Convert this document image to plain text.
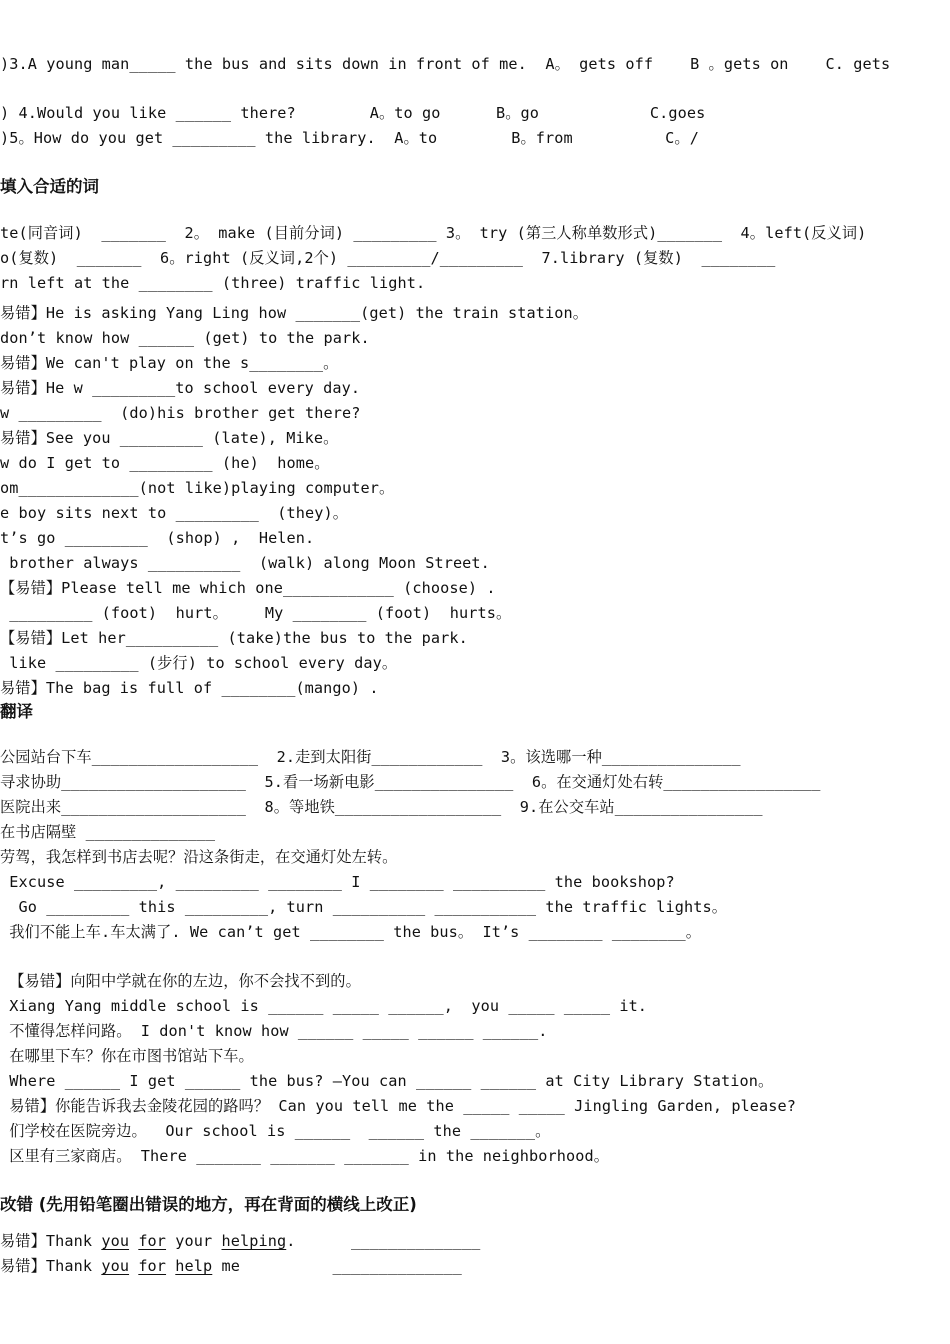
)3.A young man_____ the bus and sits down in front of me.  A。 gets off    B 。gets on    C. gets
) 4.Would you like ______ there?        A。to go      B。go            C.goes
)5。How do you get _________ the library.  A。to        B。from          C。/
填入合适的词
te(同音词)  _______  2。 make (目前分词) _________ 3。 try (第三人称单数形式)_______  4。left(反义词)
o(复数)  _______  6。right (反义词,2个) _________/_________  7.library (复数)  ________
rn left at the ________ (three) traffic light.
易错】He is asking Yang Ling how _______(get) the train station。
don’t know how ______ (get) to the park.
易错】We can't play on the s________。
易错】He w _________to school every day.
w _________  (do)his brother get there?
易错】See you _________ (late), Mike。
w do I get to _________ (he)  home。
om_____________(not like)playing computer。
e boy sits next to _________  (they)。
t’s go _________  (shop) ,  Helen.
brother always __________  (walk) along Moon Street.
【易错】Please tell me which one____________ (choose) .
_________ (foot)  hurt。    My ________ (foot)  hurts。
【易错】Let her__________ (take)the bus to the park.
like _________ (步行) to school every day。
易错】The bag is full of ________(mango) .
翻译
公园站台下车__________________  2.走到太阳街____________  3。该选哪一种_______________
寻求协助____________________  5.看一场新电影_______________  6。在交通灯处右转_________________
医院出来____________________  8。等地铁__________________  9.在公交车站________________
在书店隔壁 ______________
劳驾，我怎样到书店去呢？沿这条街走，在交通灯处左转。
Excuse _________, _________ ________ I ________ __________ the bookshop?
Go _________ this _________, turn __________ ___________ the traffic lights。
我们不能上车.车太满了. We can’t get ________ the bus。 It’s ________ ________。
【易错】向阳中学就在你的左边，你不会找不到的。
Xiang Yang middle school is ______ _____ ______,  you _____ _____ it.
不懂得怎样问路。 I don't know how ______ _____ ______ ______.
在哪里下车？你在市图书馆站下车。
Where ______ I get ______ the bus? —You can ______ ______ at City Library Station。
易错】你能告诉我去金陵花园的路吗？ Can you tell me the _____ _____ Jingling Garden, please?
们学校在医院旁边。  Our school is ______  ______ the _______。
区里有三家商店。 There _______ _______ _______ in the neighborhood。
改错 (先用铅笔圈出错误的地方，再在背面的横线上改正)
易错】Thank you for your helping.      ______________
易错】Thank you for help me          ______________
